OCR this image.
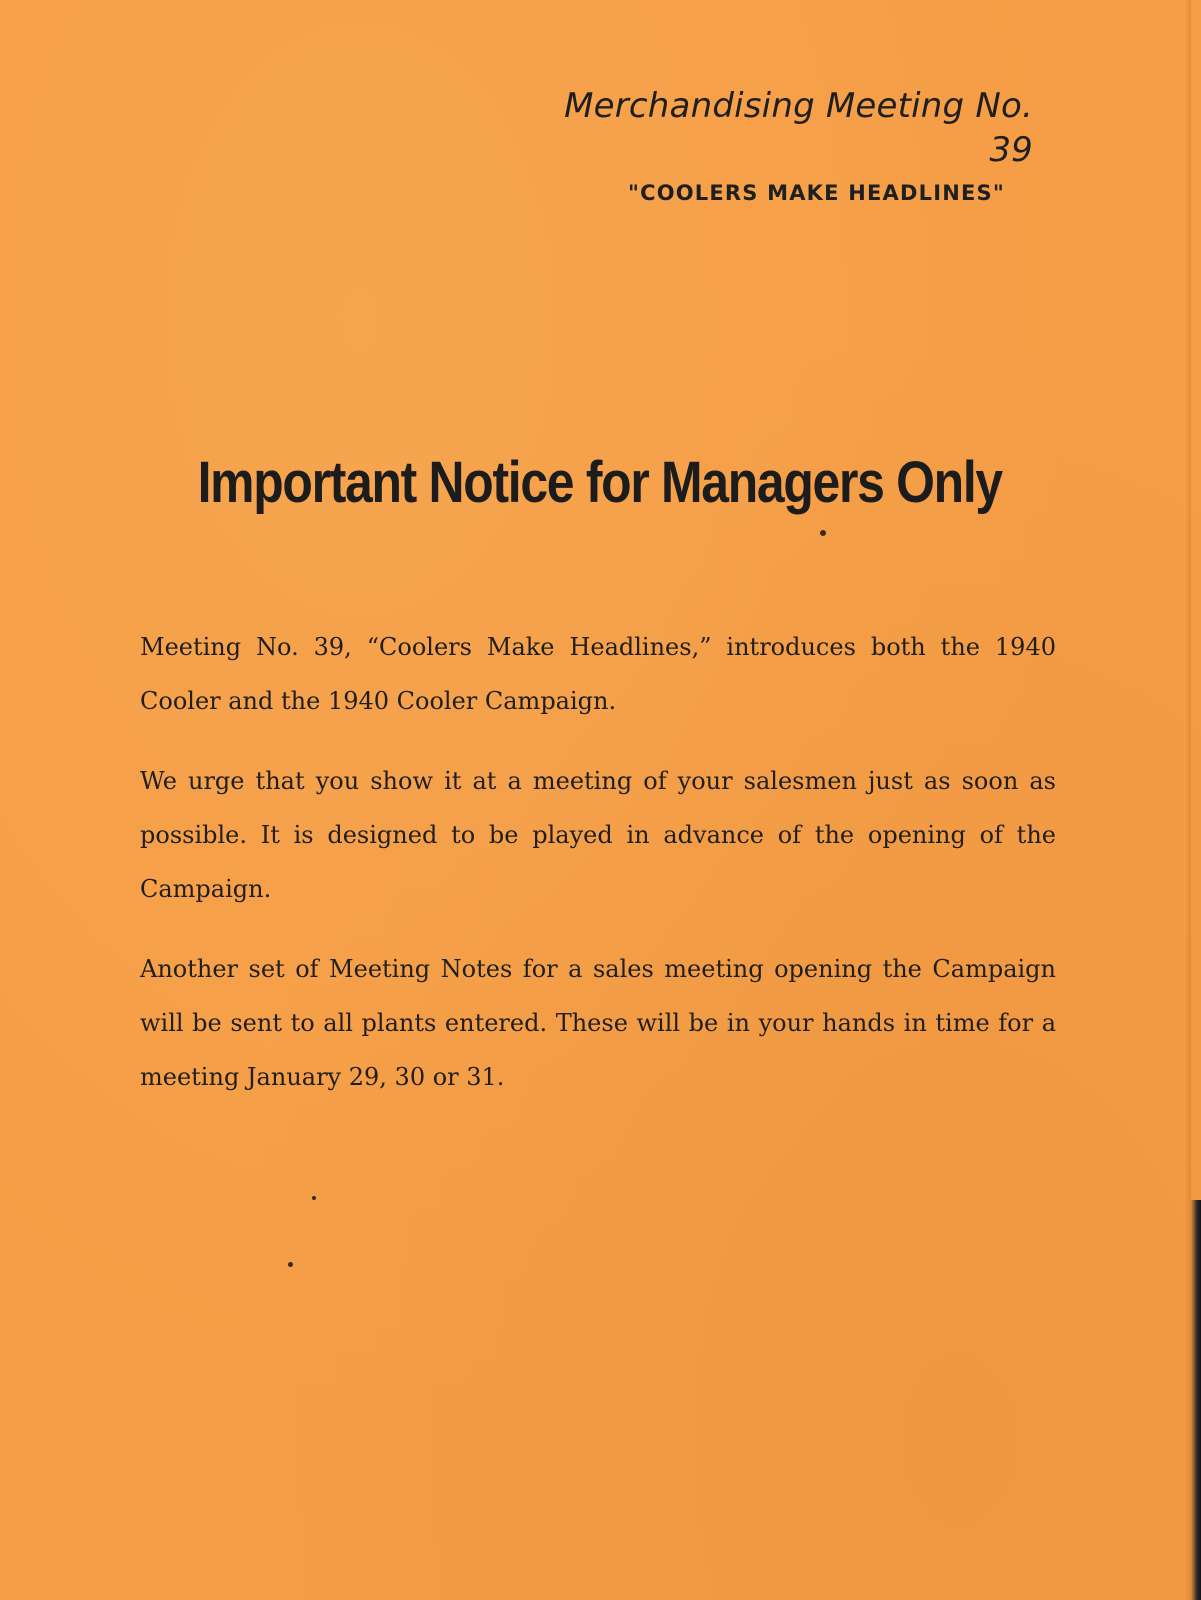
Merchandising Meeting No. 39
"COOLERS MAKE HEADLINES"
Important Notice for Managers Only

Meeting No. 39, “Coolers Make Headlines,” introduces both the 1940 Cooler and the 1940 Cooler Campaign.

We urge that you show it at a meeting of your salesmen just as soon as possible. It is designed to be played in advance of the opening of the Campaign.

Another set of Meeting Notes for a sales meeting opening the Campaign will be sent to all plants entered. These will be in your hands in time for a meeting January 29, 30 or 31.
